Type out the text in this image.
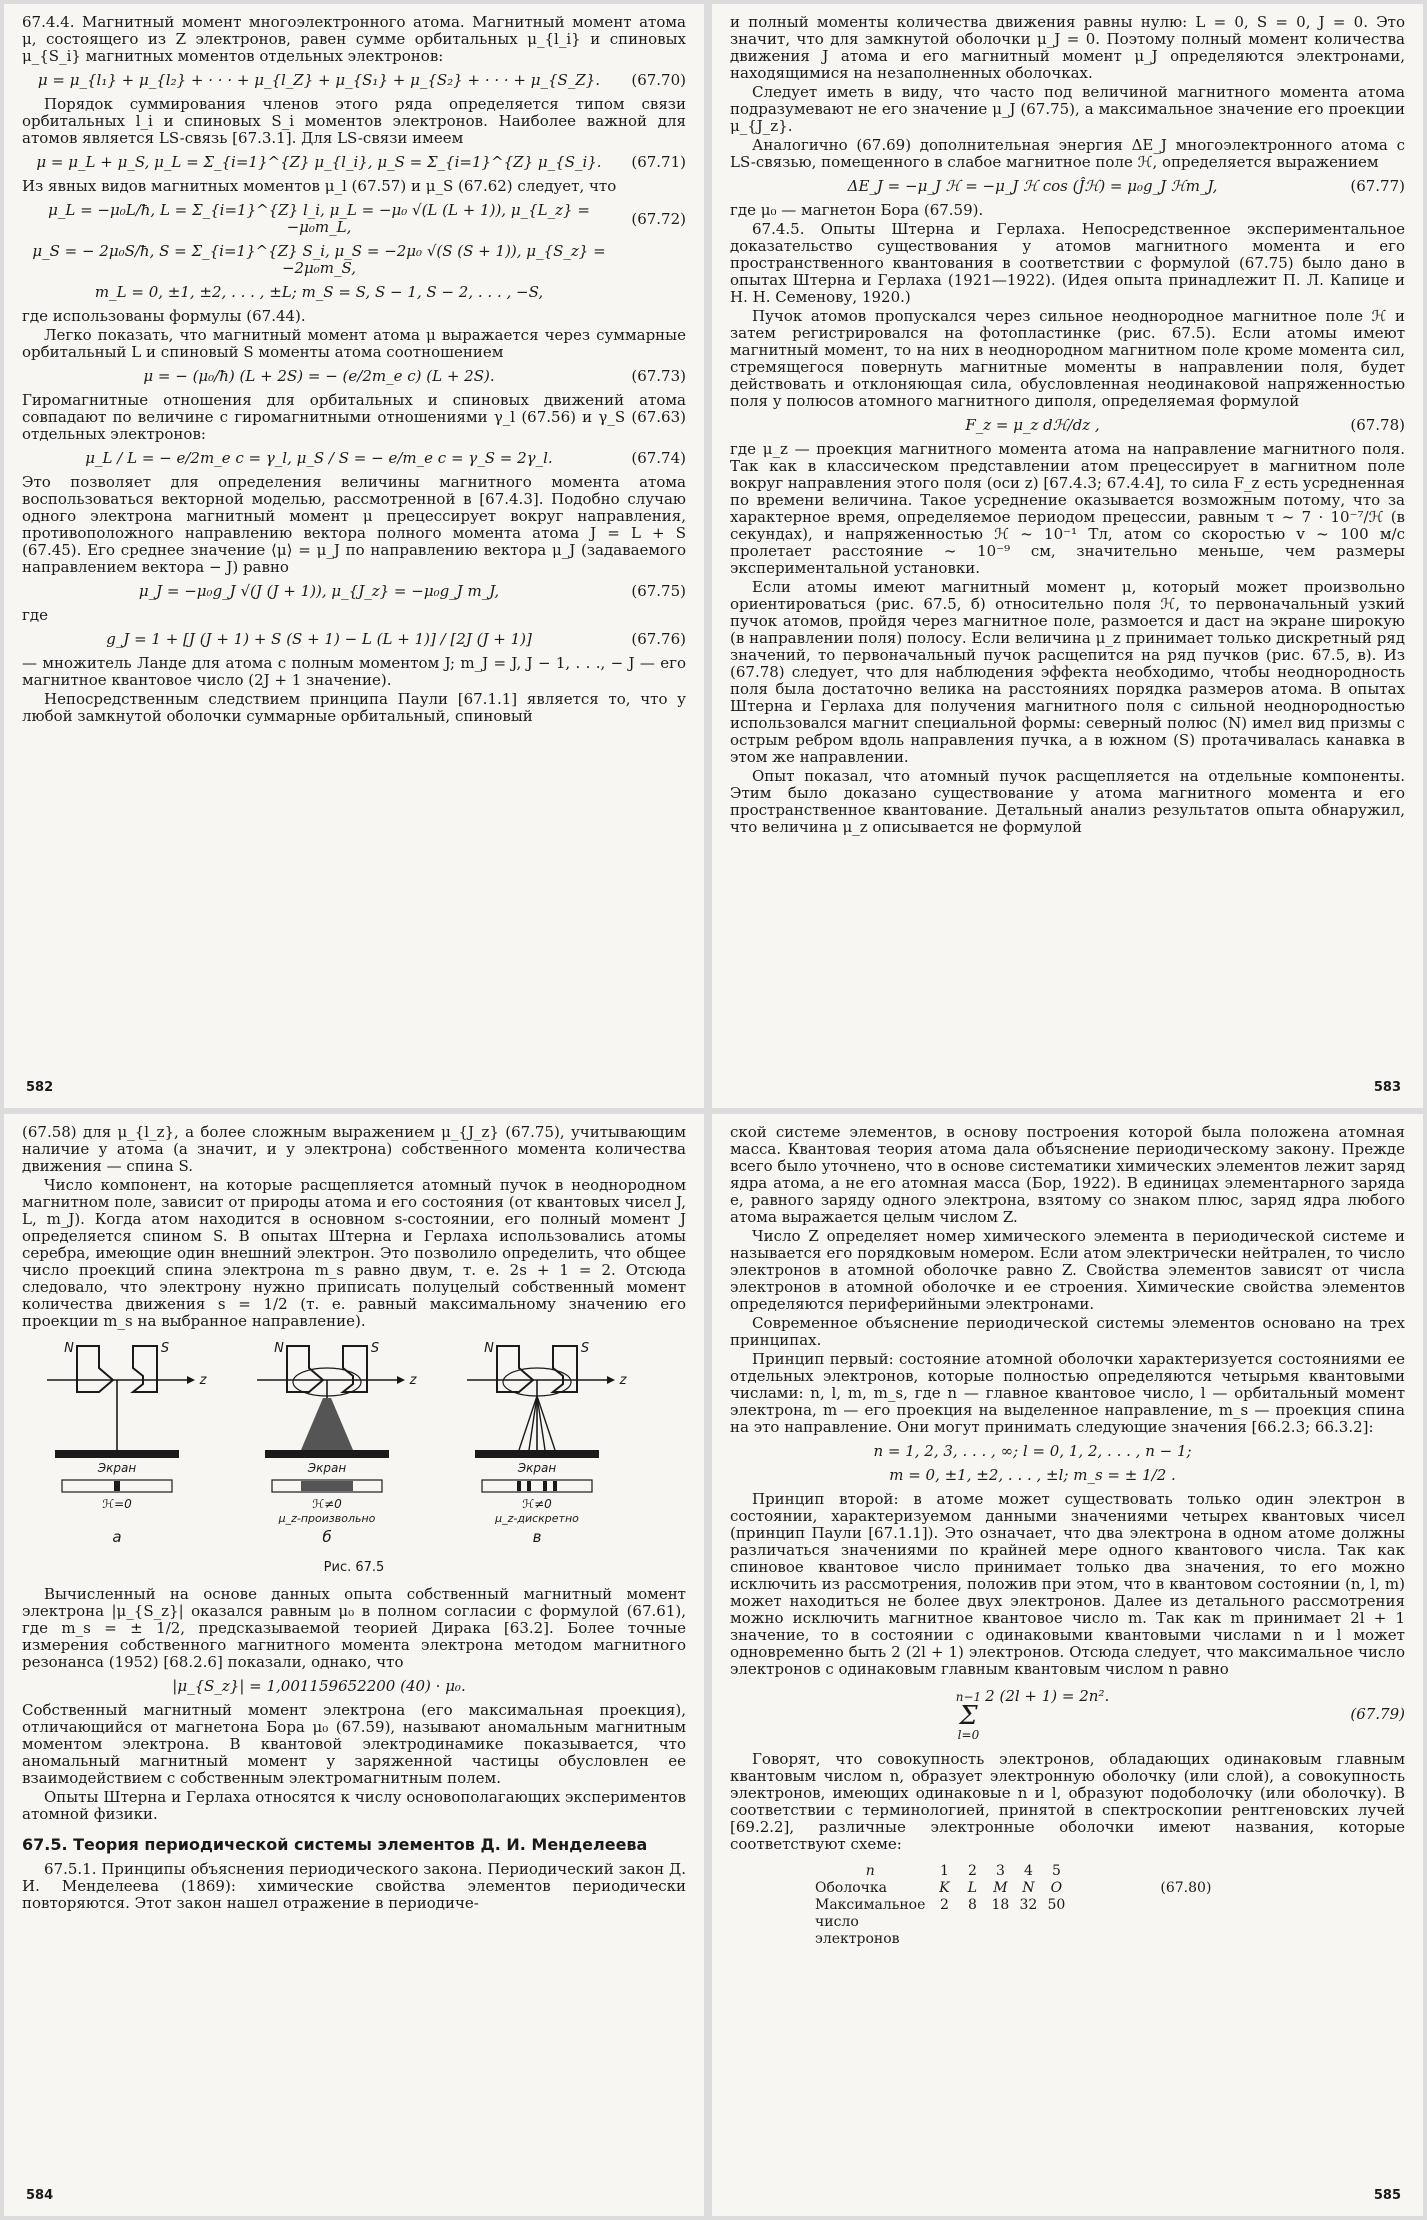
67.4.4. Магнитный момент многоэлектронного атома. Магнитный момент атома μ, состоящего из Z электронов, равен сумме орбитальных μ_{l_i} и спиновых μ_{S_i} магнитных моментов отдельных электронов:

μ = μ_{l₁} + μ_{l₂} + · · · + μ_{l_Z} + μ_{S₁} + μ_{S₂} + · · · + μ_{S_Z}.	(67.70)

Порядок суммирования членов этого ряда определяется типом связи орбитальных l_i и спиновых S_i моментов электронов. Наиболее важной для атомов является LS-связь [67.3.1]. Для LS-связи имеем

μ = μ_L + μ_S, μ_L = Σ_{i=1}^{Z} μ_{l_i}, μ_S = Σ_{i=1}^{Z} μ_{S_i}.	(67.71)

Из явных видов магнитных моментов μ_l (67.57) и μ_S (67.62) следует, что

μ_L = −μ₀L/ħ, L = Σ_{i=1}^{Z} l_i, μ_L = −μ₀ √(L (L + 1)), μ_{L_z} = −μ₀m_L,	(67.72)
μ_S = − 2μ₀S/ħ, S = Σ_{i=1}^{Z} S_i, μ_S = −2μ₀ √(S (S + 1)), μ_{S_z} = −2μ₀m_S,
m_L = 0, ±1, ±2, . . . , ±L; m_S = S, S − 1, S − 2, . . . , −S,

где использованы формулы (67.44).

Легко показать, что магнитный момент атома μ выражается через суммарные орбитальный L и спиновый S моменты атома соотношением

μ = − (μ₀/ħ) (L + 2S) = − (e/2m_e c) (L + 2S).	(67.73)

Гиромагнитные отношения для орбитальных и спиновых движений атома совпадают по величине с гиромагнитными отношениями γ_l (67.56) и γ_S (67.63) отдельных электронов:

μ_L / L = − e/2m_e c = γ_l, μ_S / S = − e/m_e c = γ_S = 2γ_l.	(67.74)

Это позволяет для определения величины магнитного момента атома воспользоваться векторной моделью, рассмотренной в [67.4.3]. Подобно случаю одного электрона магнитный момент μ прецессирует вокруг направления, противоположного направлению вектора полного момента атома J = L + S (67.45). Его среднее значение ⟨μ⟩ = μ_J по направлению вектора μ_J (задаваемого направлением вектора − J) равно

μ_J = −μ₀g_J √(J (J + 1)), μ_{J_z} = −μ₀g_J m_J,	(67.75)

где

g_J = 1 + [J (J + 1) + S (S + 1) − L (L + 1)] / [2J (J + 1)]	(67.76)

— множитель Ланде для атома с полным моментом J; m_J = J, J − 1, . . ., − J — его магнитное квантовое число (2J + 1 значение).

Непосредственным следствием принципа Паули [67.1.1] является то, что у любой замкнутой оболочки суммарные орбитальный, спиновый

582

и полный моменты количества движения равны нулю: L = 0, S = 0, J = 0. Это значит, что для замкнутой оболочки μ_J = 0. Поэтому полный момент количества движения J атома и его магнитный момент μ_J определяются электронами, находящимися на незаполненных оболочках.

Следует иметь в виду, что часто под величиной магнитного момента атома подразумевают не его значение μ_J (67.75), а максимальное значение его проекции μ_{J_z}.

Аналогично (67.69) дополнительная энергия ΔE_J многоэлектронного атома с LS-связью, помещенного в слабое магнитное поле ℋ, определяется выражением

ΔE_J = −μ_J ℋ = −μ_J ℋ cos (Ĵℋ) = μ₀g_J ℋm_J,	(67.77)

где μ₀ — магнетон Бора (67.59).

67.4.5. Опыты Штерна и Герлаха. Непосредственное экспериментальное доказательство существования у атомов магнитного момента и его пространственного квантования в соответствии с формулой (67.75) было дано в опытах Штерна и Герлаха (1921—1922). (Идея опыта принадлежит П. Л. Капице и Н. Н. Семенову, 1920.)

Пучок атомов пропускался через сильное неоднородное магнитное поле ℋ и затем регистрировался на фотопластинке (рис. 67.5). Если атомы имеют магнитный момент, то на них в неоднородном магнитном поле кроме момента сил, стремящегося повернуть магнитные моменты в направлении поля, будет действовать и отклоняющая сила, обусловленная неодинаковой напряженностью поля у полюсов атомного магнитного диполя, определяемая формулой

F_z = μ_z dℋ/dz ,	(67.78)

где μ_z — проекция магнитного момента атома на направление магнитного поля. Так как в классическом представлении атом прецессирует в магнитном поле вокруг направления этого поля (оси z) [67.4.3; 67.4.4], то сила F_z есть усредненная по времени величина. Такое усреднение оказывается возможным потому, что за характерное время, определяемое периодом прецессии, равным τ ~ 7 · 10⁻⁷/ℋ (в секундах), и напряженностью ℋ ~ 10⁻¹ Тл, атом со скоростью v ~ 100 м/с пролетает расстояние ~ 10⁻⁹ см, значительно меньше, чем размеры экспериментальной установки.

Если атомы имеют магнитный момент μ, который может произвольно ориентироваться (рис. 67.5, б) относительно поля ℋ, то первоначальный узкий пучок атомов, пройдя через магнитное поле, размоется и даст на экране широкую (в направлении поля) полосу. Если величина μ_z принимает только дискретный ряд значений, то первоначальный пучок расщепится на ряд пучков (рис. 67.5, в). Из (67.78) следует, что для наблюдения эффекта необходимо, чтобы неоднородность поля была достаточно велика на расстояниях порядка размеров атома. В опытах Штерна и Герлаха для получения магнитного поля с сильной неоднородностью использовался магнит специальной формы: северный полюс (N) имел вид призмы с острым ребром вдоль направления пучка, а в южном (S) протачивалась канавка в этом же направлении.

Опыт показал, что атомный пучок расщепляется на отдельные компоненты. Этим было доказано существование у атома магнитного момента и его пространственное квантование. Детальный анализ результатов опыта обнаружил, что величина μ_z описывается не формулой

583

(67.58) для μ_{l_z}, а более сложным выражением μ_{J_z} (67.75), учитывающим наличие у атома (а значит, и у электрона) собственного момента количества движения — спина S.

Число компонент, на которые расщепляется атомный пучок в неоднородном магнитном поле, зависит от природы атома и его состояния (от квантовых чисел J, L, m_J). Когда атом находится в основном s-состоянии, его полный момент J определяется спином S. В опытах Штерна и Герлаха использовались атомы серебра, имеющие один внешний электрон. Это позволило определить, что общее число проекций спина электрона m_s равно двум, т. е. 2s + 1 = 2. Отсюда следовало, что электрону нужно приписать полуцелый собственный момент количества движения s = 1/2 (т. е. равный максимальному значению его проекции m_s на выбранное направление).

N	S
z
Экран
ℋ=0
а
N	S
z
Экран
ℋ≠0
μ_z-произвольно
б
N	S
z
Экран
ℋ≠0
μ_z-дискретно
в
Рис. 67.5

Вычисленный на основе данных опыта собственный магнитный момент электрона |μ_{S_z}| оказался равным μ₀ в полном согласии с формулой (67.61), где m_s = ± 1/2, предсказываемой теорией Дирака [63.2]. Более точные измерения собственного магнитного момента электрона методом магнитного резонанса (1952) [68.2.6] показали, однако, что

|μ_{S_z}| = 1,001159652200 (40) · μ₀.

Собственный магнитный момент электрона (его максимальная проекция), отличающийся от магнетона Бора μ₀ (67.59), называют аномальным магнитным моментом электрона. В квантовой электродинамике показывается, что аномальный магнитный момент у заряженной частицы обусловлен ее взаимодействием с собственным электромагнитным полем.

Опыты Штерна и Герлаха относятся к числу основополагающих экспериментов атомной физики.

67.5. Теория периодической системы элементов Д. И. Менделеева

67.5.1. Принципы объяснения периодического закона. Периодический закон Д. И. Менделеева (1869): химические свойства элементов периодически повторяются. Этот закон нашел отражение в периодиче-

584

ской системе элементов, в основу построения которой была положена атомная масса. Квантовая теория атома дала объяснение периодическому закону. Прежде всего было уточнено, что в основе систематики химических элементов лежит заряд ядра атома, а не его атомная масса (Бор, 1922). В единицах элементарного заряда e, равного заряду одного электрона, взятому со знаком плюс, заряд ядра любого атома выражается целым числом Z.

Число Z определяет номер химического элемента в периодической системе и называется его порядковым номером. Если атом электрически нейтрален, то число электронов в атомной оболочке равно Z. Свойства элементов зависят от числа электронов в атомной оболочке и ее строения. Химические свойства элементов определяются периферийными электронами.

Современное объяснение периодической системы элементов основано на трех принципах.

Принцип первый: состояние атомной оболочки характеризуется состояниями ее отдельных электронов, которые полностью определяются четырьмя квантовыми числами: n, l, m, m_s, где n — главное квантовое число, l — орбитальный момент электрона, m — его проекция на выделенное направление, m_s — проекция спина на это направление. Они могут принимать следующие значения [66.2.3; 66.3.2]:

n = 1, 2, 3, . . . , ∞; l = 0, 1, 2, . . . , n − 1;
m = 0, ±1, ±2, . . . , ±l; m_s = ± 1/2 .

Принцип второй: в атоме может существовать только один электрон в состоянии, характеризуемом данными значениями четырех квантовых чисел (принцип Паули [67.1.1]). Это означает, что два электрона в одном атоме должны различаться значениями по крайней мере одного квантового числа. Так как спиновое квантовое число принимает только два значения, то его можно исключить из рассмотрения, положив при этом, что в квантовом состоянии (n, l, m) может находиться не более двух электронов. Далее из детального рассмотрения можно исключить магнитное квантовое число m. Так как m принимает 2l + 1 значение, то в состоянии с одинаковыми квантовыми числами n и l может одновременно быть 2 (2l + 1) электронов. Отсюда следует, что максимальное число электронов с одинаковым главным квантовым числом n равно

n−1
Σ
l=0
2 (2l + 1) = 2n².
(67.79)

Говорят, что совокупность электронов, обладающих одинаковым главным квантовым числом n, образует электронную оболочку (или слой), а совокупность электронов, имеющих одинаковые n и l, образуют подоболочку (или оболочку). В соответствии с терминологией, принятой в спектроскопии рентгеновских лучей [69.2.2], различные электронные оболочки имеют названия, которые соответствуют схеме:

n	1	2	3	4	5	
Оболочка	K	L	M	N	O	(67.80)
Максимальное	2	8	18	32	50	
число						
электронов						
585
